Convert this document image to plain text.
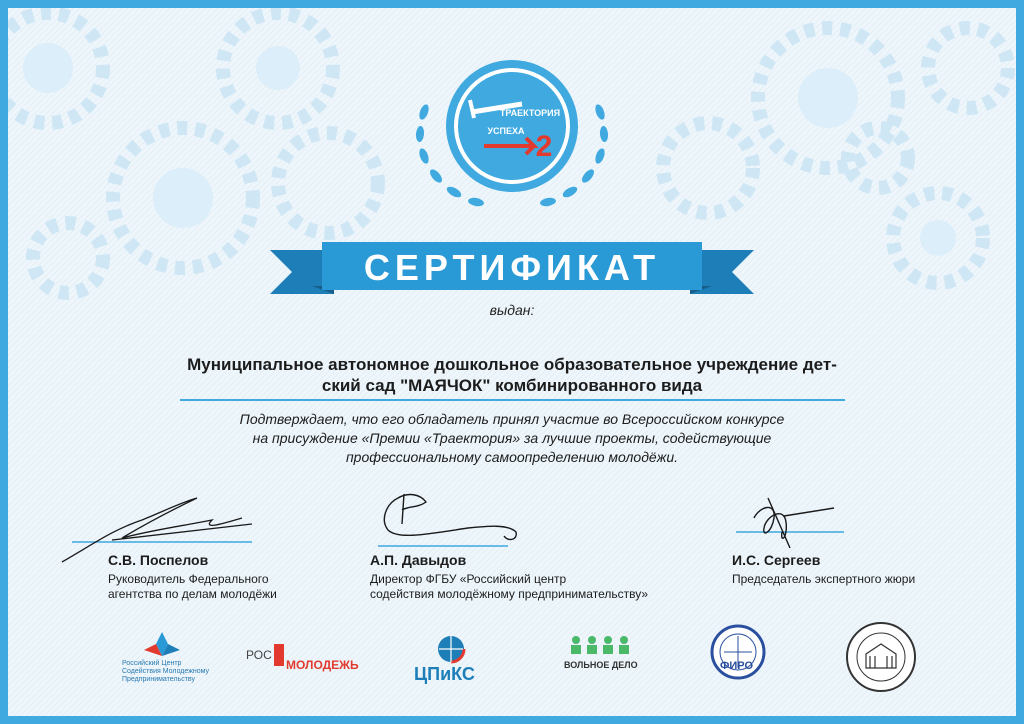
ТРАЕКТОРИЯ
УСПЕХА 2
СЕРТИФИКАТ
выдан:
Муниципальное автономное дошкольное образовательное учреждение дет-
ский сад "МАЯЧОК" комбинированного вида
Подтверждает, что его обладатель принял участие во Всероссийском конкурсе
на присуждение «Премии «Траектория» за лучшие проекты, содействующие
профессиональному самоопределению молодёжи.
С.В. Поспелов
Руководитель Федерального
агентства по делам молодёжи
А.П. Давыдов
Директор ФГБУ «Российский центр
содействия молодёжному предпринимательству»
И.С. Сергеев
Председатель экспертного жюри
Российский Центр
Содействия Молодежному
Предпринимательству
РОС
МОЛОДЕЖЬ	ЦПиКС	ВОЛЬНОЕ ДЕЛО	ФИРО
